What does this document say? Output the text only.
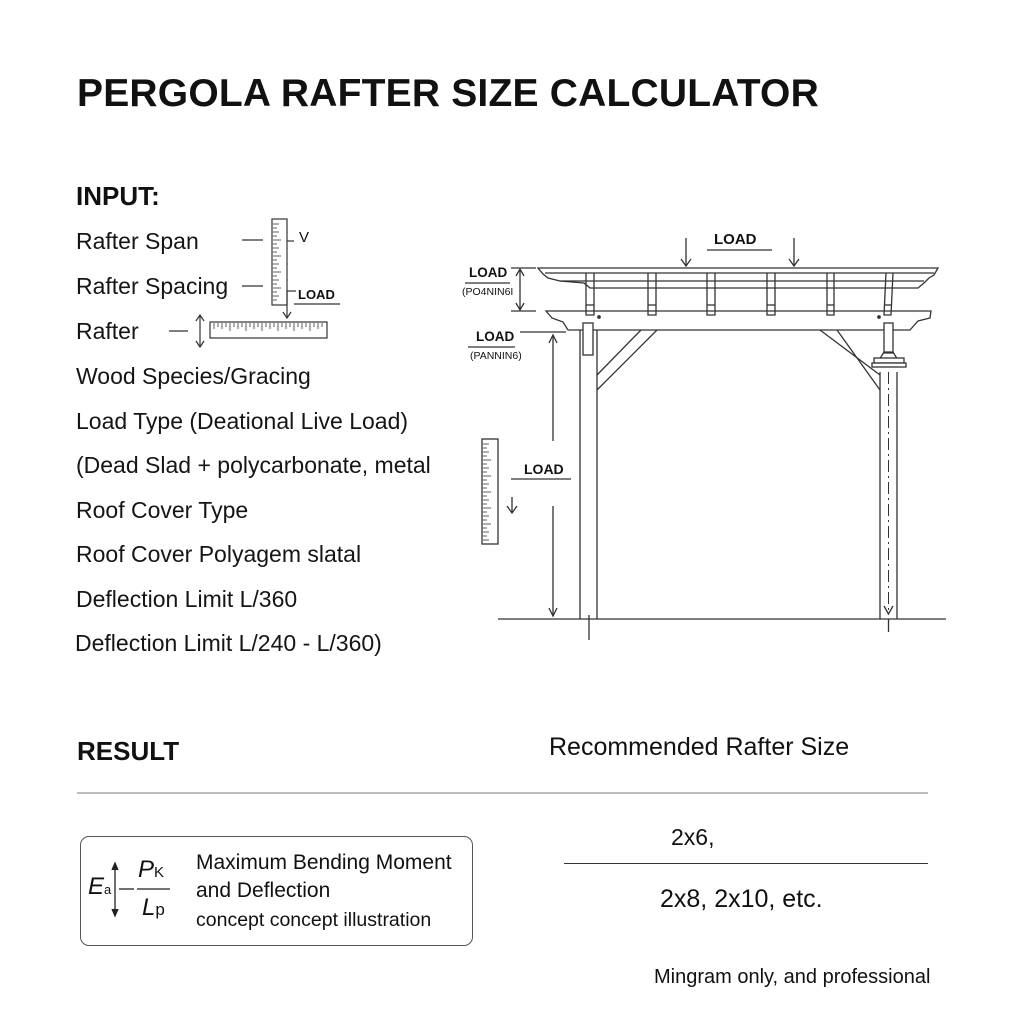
PERGOLA RAFTER SIZE CALCULATOR
INPUT:
Rafter Span
Rafter Spacing
Rafter
Wood Species/Gracing
Load Type (Deational Live Load)
(Dead Slad + polycarbonate, metal
Roof Cover Type
Roof Cover Polyagem slatal
Deflection Limit L/360
Deflection Limit L/240 - L/360)
V
LOAD
LOAD
LOAD
(PO4NIN6I
LOAD
(PANNIN6)
LOAD
RESULT	Recommended Rafter Size
Ea
PK
Lp
Maximum Bending Moment
and Deflection
concept concept illustration
2x6,
2x8, 2x10, etc.
Mingram only, and professional
